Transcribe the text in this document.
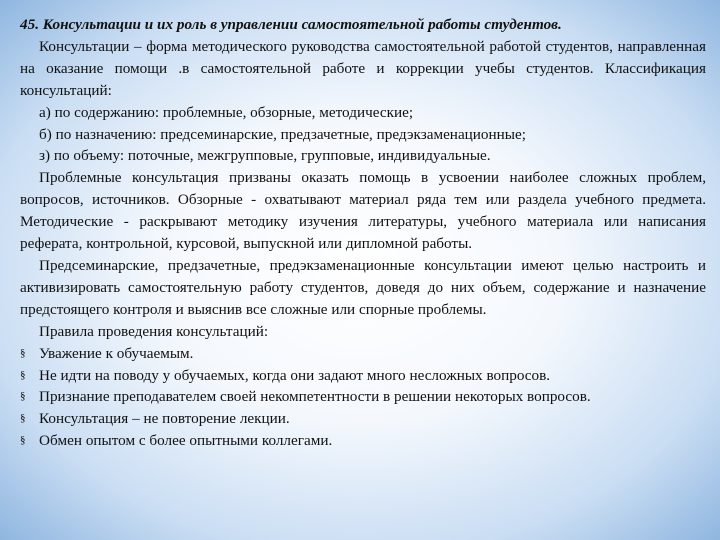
45. Консультации и их роль в управлении самостоятельной работы студентов.

Консультации – форма методического руководства самостоятельной работой студентов, направленная на оказание помощи .в самостоятельной работе и коррекции учебы студентов. Классификация консультаций:

а) по содержанию: проблемные, обзорные, методические;

б) по назначению: предсеминарские, предзачетные, предэкзаменационные;

з) по объему: поточные, межгрупповые, групповые, индивидуальные.

Проблемные консультация призваны оказать помощь в усвоении наиболее сложных проблем, вопросов, источников. Обзорные - охватывают материал ряда тем или раздела учебного предмета. Методические - раскрывают методику изучения литературы, учебного материала или написания реферата, контрольной, курсовой, выпускной или дипломной работы.

Предсеминарские, предзачетные, предэкзаменационные консультации имеют целью настроить и активизировать самостоятельную работу студентов, доведя до них объем, содержание и назначение предстоящего контроля и выяснив все сложные или спорные проблемы.

Правила проведения консультаций:

§ Уважение к обучаемым.
§ Не идти на поводу у обучаемых, когда они задают много несложных вопросов.
§ Признание преподавателем своей некомпетентности в решении некоторых вопросов.
§ Консультация – не повторение лекции.
§ Обмен опытом с более опытными коллегами.
